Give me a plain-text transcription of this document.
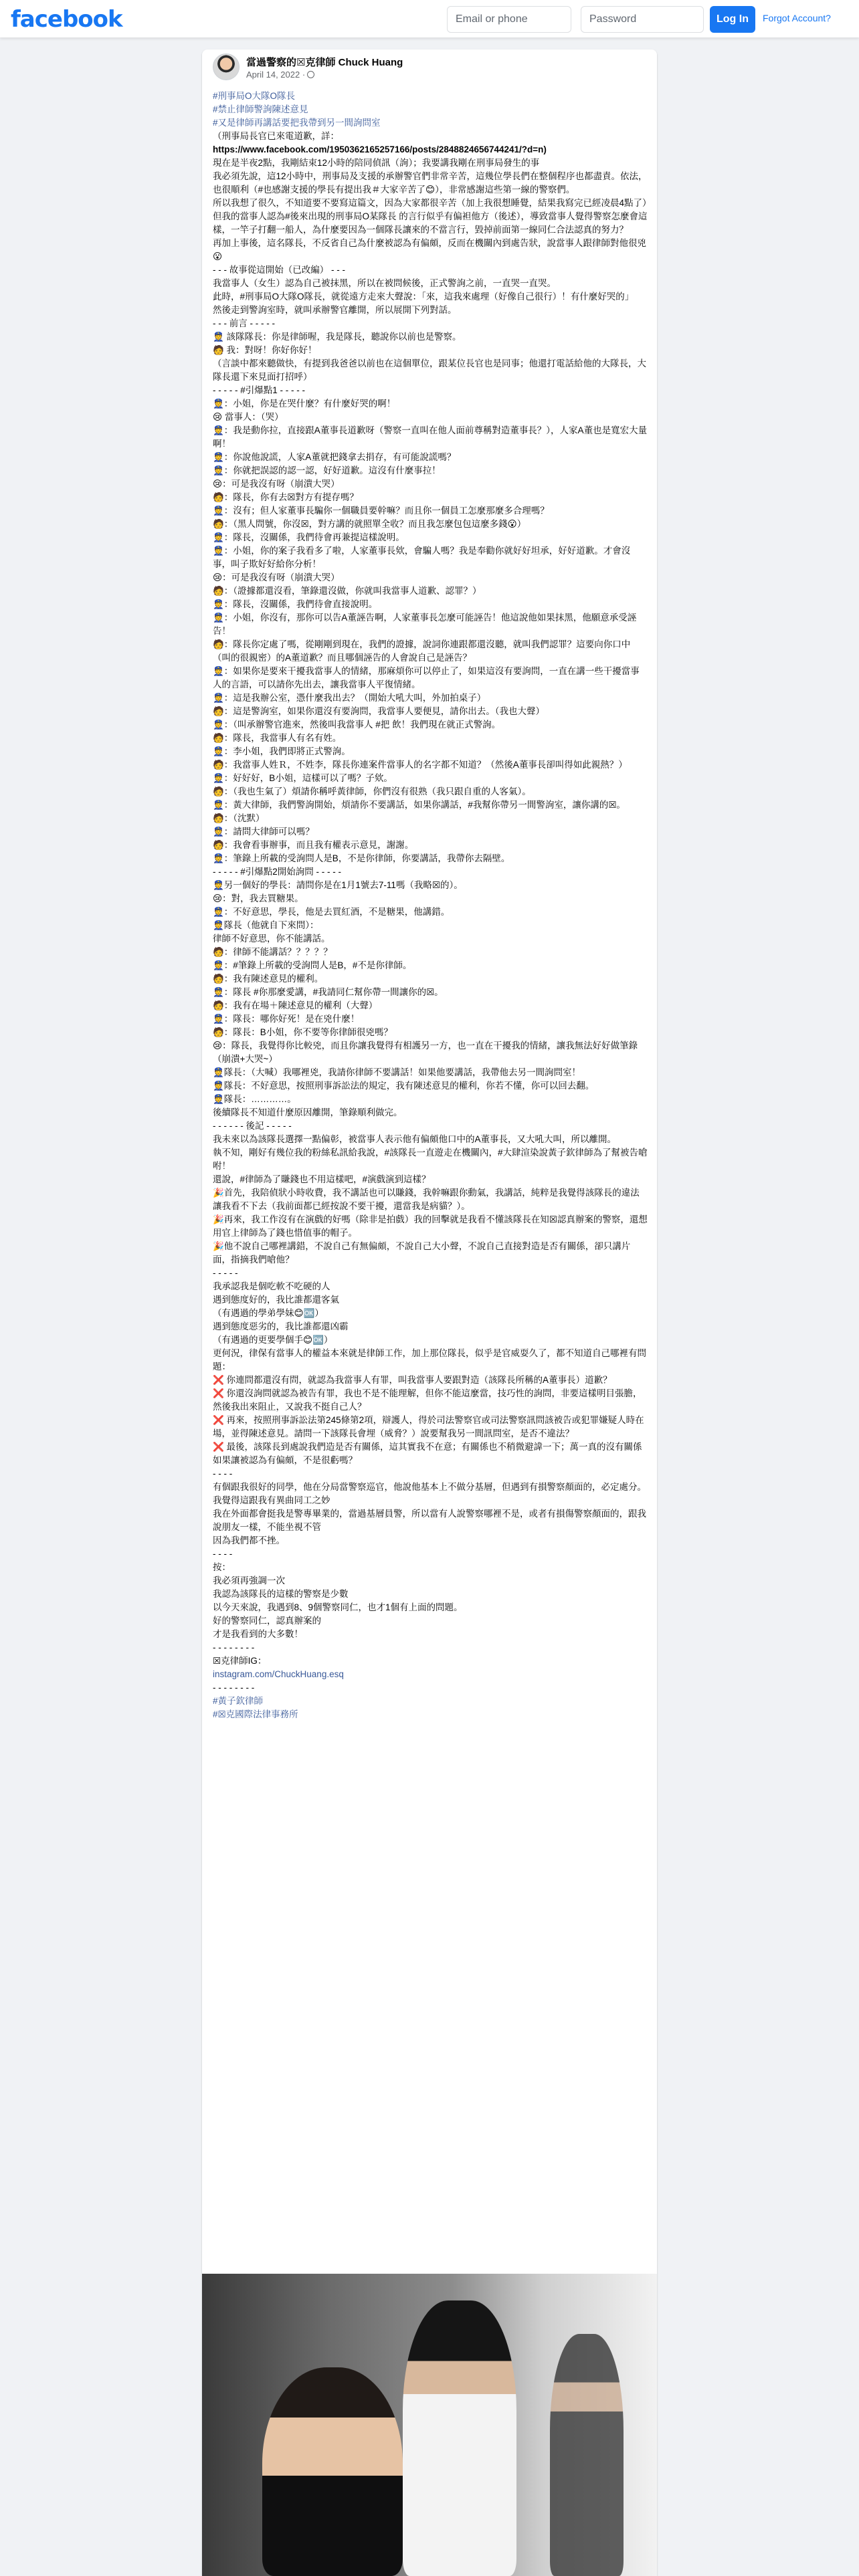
facebook
Email or phone	Log In	Forgot Account?
當過警察的☒克律師 Chuck Huang
April 14, 2022 ·
#刑事局O大隊O隊長
#禁止律師警詢陳述意見
#又是律師再講話要把我帶到另一間詢問室
（刑事局長官已來電道歉，詳：
https://www.facebook.com/1950362165257166/posts/2848824656744241/?d=n)
現在是半夜2點，我剛結束12小時的陪同偵訊（詢）；我要講我剛在刑事局發生的事
我必須先說，這12小時中，刑事局及支援的承辦警官們非常辛苦，這幾位學長們在整個程序也都盡責。依法，也很順利（#也感謝支援的學長有提出我＃大家辛苦了😊），非常感謝這些第一線的警察們。
所以我想了很久，不知道要不要寫這篇文，因為大家都很辛苦（加上我很想睡覺，結果我寫完已經凌晨4點了）
但我的當事人認為#後來出現的刑事局O某隊長 的言行似乎有偏袒他方（後述），導致當事人覺得警察怎麼會這樣，一竿子打翻一船人，為什麼要因為一個隊長讓來的不當言行，毀掉前面第一線同仁合法認真的努力？
再加上事後，這名隊長，不反省自己為什麼被認為有偏頗，反而在機關內到處告狀，說當事人跟律師對他很兇😮
- - - 故事從這開始（已改編） - - -
我當事人（女生）認為自己被抹黑，所以在被問候後，正式警詢之前，一直哭一直哭。
此時，#刑事局O大隊O隊長，就從遠方走來大聲說：「來，這我來處理（好像自己很行）！有什麼好哭的」
然後走到警詢室時，就叫承辦警官離開，所以展開下列對話。
- - - 前言 - - - - -
👮 該隊隊長：你是律師喔，我是隊長，聽說你以前也是警察。
🧑 我：對呀！你好你好！
（言談中都來聽做快，有提到我爸爸以前也在這個單位，跟某位長官也是同事；他還打電話給他的大隊長，大隊長還下來見面打招呼）
- - - - - #引爆點1 - - - - -
👮：小姐，你是在哭什麼？有什麼好哭的啊！
😢 當事人：（哭）
👮：我是動你拉，直接跟A董事長道歉呀（警察一直叫在他人面前尊稱對造董事長？），人家A董也是寬宏大量啊！
👮：你說他說謊，人家A董就把錢拿去捐存，有可能說謊嗎？
👮：你就把誤認的認一認，好好道歉。這沒有什麼事拉！
😢：可是我沒有呀（崩潰大哭）
🧑：隊長，你有去☒對方有提存嗎？
👮：沒有；但人家董事長騙你一個職員要幹嘛？而且你一個員工怎麼那麼多合理嗎？
🧑：（黑人問號，你沒☒，對方講的就照單全收？而且我怎麼包包這麼多錢😮）
👮：隊長，沒關係，我們待會再兼提這樣說明。
👮：小姐，你的案子我看多了啦，人家董事長欸，會騙人嗎？我是奉勸你就好好坦承，好好道歉。才會沒事，叫子欺好好給你分析！
😢：可是我沒有呀（崩潰大哭）
🧑：（證據都還沒看，筆錄還沒做，你就叫我當事人道歉、認罪？）
👮：隊長，沒關係，我們待會直接說明。
👮：小姐，你沒有，那你可以告A董誣告啊，人家董事長怎麼可能誣告！他這說他如果抹黑，他願意承受誣告！
🧑：隊長你定處了嗎，從剛剛到現在，我們的證據，說詞你連跟都還沒聽，就叫我們認罪？這要向你口中（叫的很親密）的A董道歉？而且哪個誣告的人會說自己是誣告？
👮：如果你是要來干擾我當事人的情緒，那麻煩你可以停止了，如果這沒有要詢問，一直在講一些干擾當事人的言語，可以請你先出去，讓我當事人平復情緒。
👮：這是我辦公室，憑什麼我出去？（開始大吼大叫，外加拍桌子）
🧑：這是警詢室，如果你還沒有要詢問，我當事人要便見，請你出去。（我也大聲）
👮：（叫承辦警官進來，然後叫我當事人 #把 飲！我們現在就正式警詢。
🧑：隊長，我當事人有名有姓。
👮：李小姐，我們即將正式警詢。
🧑：我當事人姓Ｒ，不姓李，隊長你連案件當事人的名字都不知道？（然後A董事長卻叫得如此親熱？）
👮：好好好，B小姐，這樣可以了嗎？子欸。
🧑：（我也生氣了）煩請你稱呼黃律師，你們沒有很熟（我只跟自重的人客氣）。
👮：黃大律師，我們警詢開始，煩請你不要講話，如果你講話，#我幫你帶另一間警詢室，讓你講的☒。
🧑：（沈默）
👮：請問大律師可以嗎？
🧑：我會看事辦事，而且我有權表示意見，謝謝。
👮：筆錄上所載的受詢問人是B，不是你律師，你要講話，我帶你去隔壁。
- - - - - #引爆點2開始詢問 - - - - -
👮另一個好的學長：請問你是在1月1號去7-11嗎（我略☒的）。
😢：對，我去買糖果。
👮：不好意思，學長，他是去買紅酒，不是糖果，他講錯。
👮隊長（他就自下來問）：
律師不好意思，你不能講話。
🧑：律師不能講話？？？？？
👮：#筆錄上所載的受詢問人是B，#不是你律師。
🧑：我有陳述意見的權利。
👮：隊長 #你那麼愛講，#我請同仁幫你帶一間讓你的☒。
🧑：我有在場＋陳述意見的權利（大聲）
👮：隊長：哪你好死！是在兇什麼！
🧑：隊長：B小姐，你不要等你律師很兇嗎？
😢：隊長，我覺得你比較兇，而且你讓我覺得有相護另一方，也一直在干擾我的情緒，讓我無法好好做筆錄（崩潰+大哭~）
👮隊長：（大喊）我哪裡兇，我請你律師不要講話！如果他要講話，我帶他去另一間詢問室！
👮隊長：不好意思，按照刑事訴訟法的規定，我有陳述意見的權利，你若不懂，你可以回去翻。
👮隊長：…………。
後續隊長不知道什麼原因離開，筆錄順利做完。
- - - - - - 後記 - - - - -
我未來以為該隊長選擇一點偏彰，被當事人表示他有偏頗他口中的A董事長，又大吼大叫，所以離開。
執不知，剛好有幾位我的粉絲私訊給我說，#該隊長一直遊走在機關內，#大肆渲染說黃子欽律師為了幫被告嗆咐！
還說，#律師為了賺錢也不用這樣吧，#演戲演到這樣？
🎉首先，我陪偵狀小時收費，我不講話也可以賺錢，我幹嘛跟你動氣，我講話，純粹是我覺得該隊長的違法讓我看不下去（我前面都已經按說不要干擾，還當我是病貓？）。
🎉再來，我工作沒有在演戲的好嗎（除非是拍戲）我的回擊就是我看不懂該隊長在知☒認真辦案的警察，還想用官上律師為了錢也惜值事的帽子。
🎉他不說自己哪裡講錯，不說自己有無偏頗，不說自己大小聲，不說自己直接對造是否有關係，卻只講片面，指摘我們嗆他？
- - - - -
我承認我是個吃軟不吃硬的人
遇到態度好的，我比誰都還客氣
（有遇過的學弟學妹😊🆗）
遇到態度惡劣的，我比誰都還凶霸
（有遇過的更要學個手😊🆗）
更何況，律保有當事人的權益本來就是律師工作，加上那位隊長，似乎是官威耍久了，都不知道自己哪裡有問題：
❌ 你連問都還沒有問，就認為我當事人有罪，叫我當事人要跟對造（該隊長所稱的A董事長）道歉？
❌ 你還沒詢問就認為被告有罪，我也不是不能理解，但你不能這麼當，技巧性的詢問，非要這樣明目張膽，然後我出來阻止，又說我不挺自己人？
❌ 再來，按照刑事訴訟法第245條第2項，辯護人，得於司法警察官或司法警察訊問該被告或犯罪嫌疑人時在場，並得陳述意見。請問一下該隊長會埋（威脅？）說要幫我另一間訊問室，是否不違法？
❌ 最後，該隊長到處說我們造是否有關係，這其實我不在意；有關係也不稍微避諱一下；萬一真的沒有關係如果讓被認為有偏頗，不是很虧嗎？
- - - -
有個跟我很好的同學，他在分局當警察巡官，他說他基本上不做分基層，但遇到有損警察顏面的，必定處分。
我覺得這跟我有異曲同工之妙
我在外面都會挺我是警專畢業的，當過基層員警，所以當有人說警察哪裡不是，或者有損傷警察顏面的，跟我說朋友一樣，不能坐視不管
因為我們都不挫。
- - - -
按：
我必須再強調一次
我認為該隊長的這樣的警察是少數
以今天來說，我遇到8、9個警察同仁，也才1個有上面的問題。
好的警察同仁，認真辦案的
才是我看到的大多數！
- - - - - - - -
☒克律師IG：
instagram.com/ChuckHuang.esq
- - - - - - - -
#黃子欽律師
#☒克國際法律事務所
